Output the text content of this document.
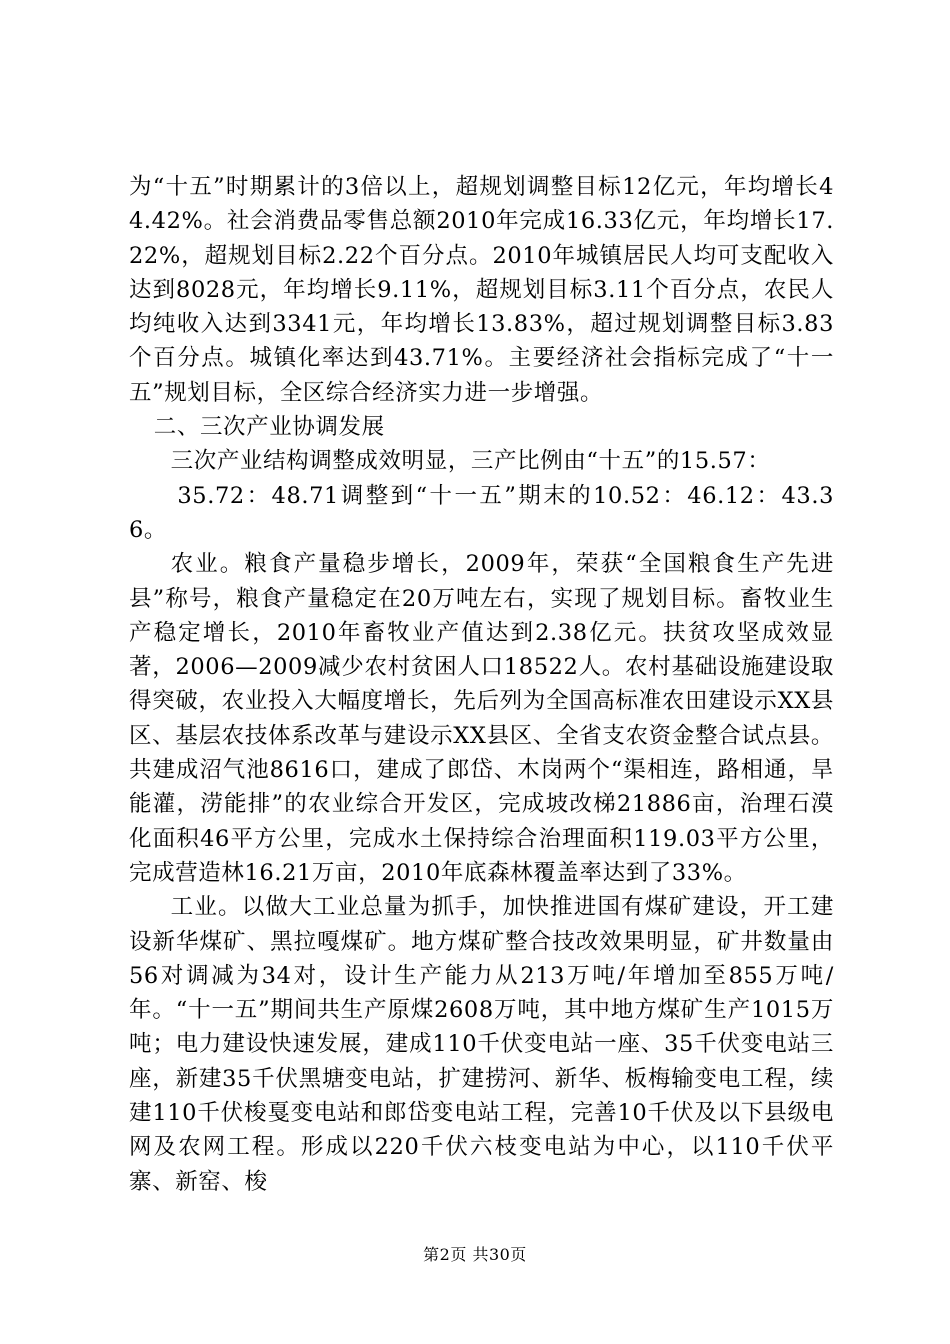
为“十五”时期累计的3倍以上，超规划调整目标12亿元，年均增长44.42%。社会消费品零售总额2010年完成16.33亿元，年均增长17.22%，超规划目标2.22个百分点。2010年城镇居民人均可支配收入达到8028元，年均增长9.11%，超规划目标3.11个百分点，农民人均纯收入达到3341元，年均增长13.83%，超过规划调整目标3.83个百分点。城镇化率达到43.71%。主要经济社会指标完成了“十一五”规划目标，全区综合经济实力进一步增强。

二、三次产业协调发展

三次产业结构调整成效明显，三产比例由“十五”的15.57：

35.72：48.71调整到“十一五”期末的10.52：46.12：43.36。

农业。粮食产量稳步增长，2009年，荣获“全国粮食生产先进县”称号，粮食产量稳定在20万吨左右，实现了规划目标。畜牧业生产稳定增长，2010年畜牧业产值达到2.38亿元。扶贫攻坚成效显著，2006—2009减少农村贫困人口18522人。农村基础设施建设取得突破，农业投入大幅度增长，先后列为全国高标准农田建设示XX县区、基层农技体系改革与建设示XX县区、全省支农资金整合试点县。共建成沼气池8616口，建成了郎岱、木岗两个“渠相连，路相通，旱能灌，涝能排”的农业综合开发区，完成坡改梯21886亩，治理石漠化面积46平方公里，完成水土保持综合治理面积119.03平方公里，完成营造林16.21万亩，2010年底森林覆盖率达到了33%。

工业。以做大工业总量为抓手，加快推进国有煤矿建设，开工建设新华煤矿、黑拉嘎煤矿。地方煤矿整合技改效果明显，矿井数量由56对调减为34对，设计生产能力从213万吨/年增加至855万吨/年。“十一五”期间共生产原煤2608万吨，其中地方煤矿生产1015万吨；电力建设快速发展，建成110千伏变电站一座、35千伏变电站三座，新建35千伏黑塘变电站，扩建捞河、新华、板梅输变电工程，续建110千伏梭戛变电站和郎岱变电站工程，完善10千伏及以下县级电网及农网工程。形成以220千伏六枝变电站为中心，以110千伏平寨、新窑、梭

第2页 共30页
